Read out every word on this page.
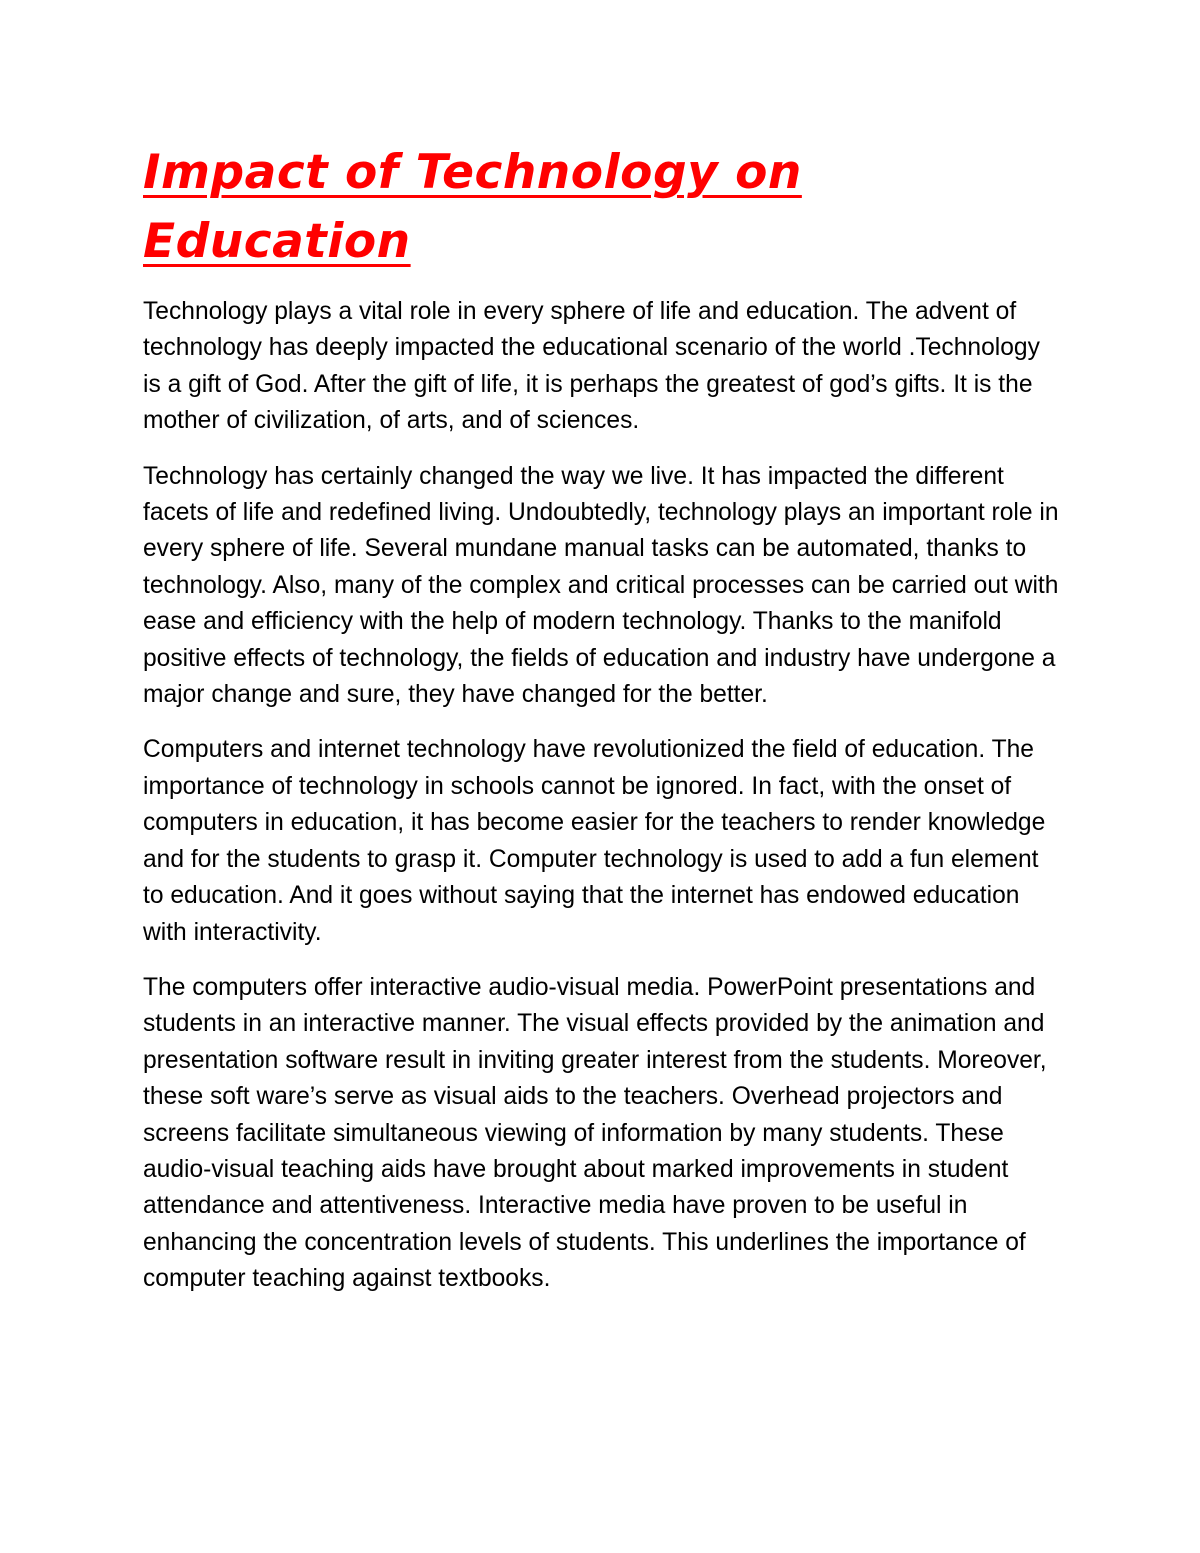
Impact of Technology on Education

Technology plays a vital role in every sphere of life and education. The advent of technology has deeply impacted the educational scenario of the world .Technology is a gift of God. After the gift of life, it is perhaps the greatest of god’s gifts. It is the mother of civilization, of arts, and of sciences.

Technology has certainly changed the way we live. It has impacted the different facets of life and redefined living. Undoubtedly, technology plays an important role in every sphere of life. Several mundane manual tasks can be automated, thanks to technology. Also, many of the complex and critical processes can be carried out with ease and efficiency with the help of modern technology. Thanks to the manifold positive effects of technology, the fields of education and industry have undergone a major change and sure, they have changed for the better.

Computers and internet technology have revolutionized the field of education. The importance of technology in schools cannot be ignored. In fact, with the onset of computers in education, it has become easier for the teachers to render knowledge and for the students to grasp it. Computer technology is used to add a fun element to education. And it goes without saying that the internet has endowed education with interactivity.

The computers offer interactive audio-visual media. PowerPoint presentations and students in an interactive manner. The visual effects provided by the animation and presentation software result in inviting greater interest from the students. Moreover, these soft ware’s serve as visual aids to the teachers. Overhead projectors and screens facilitate simultaneous viewing of information by many students. These audio-visual teaching aids have brought about marked improvements in student attendance and attentiveness. Interactive media have proven to be useful in enhancing the concentration levels of students. This underlines the importance of computer teaching against textbooks.
